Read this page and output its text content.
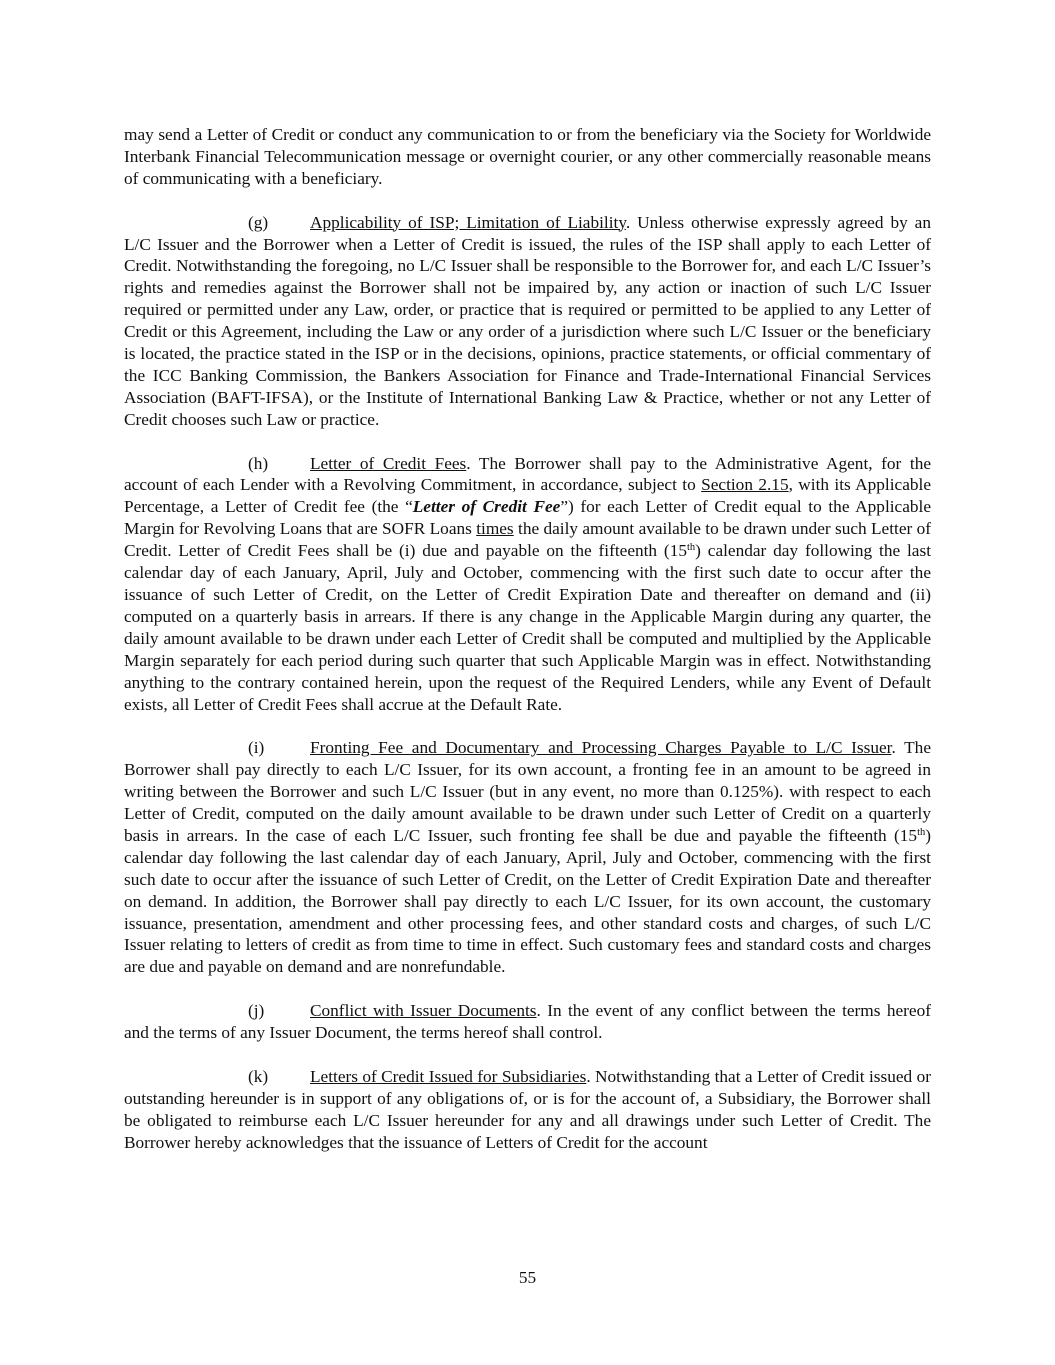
may send a Letter of Credit or conduct any communication to or from the beneficiary via the Society for Worldwide Interbank Financial Telecommunication message or overnight courier, or any other commercially reasonable means of communicating with a beneficiary.

(g) Applicability of ISP; Limitation of Liability. Unless otherwise expressly agreed by an L/C Issuer and the Borrower when a Letter of Credit is issued, the rules of the ISP shall apply to each Letter of Credit. Notwithstanding the foregoing, no L/C Issuer shall be responsible to the Borrower for, and each L/C Issuer’s rights and remedies against the Borrower shall not be impaired by, any action or inaction of such L/C Issuer required or permitted under any Law, order, or practice that is required or permitted to be applied to any Letter of Credit or this Agreement, including the Law or any order of a jurisdiction where such L/C Issuer or the beneficiary is located, the practice stated in the ISP or in the decisions, opinions, practice statements, or official commentary of the ICC Banking Commission, the Bankers Association for Finance and Trade-International Financial Services Association (BAFT-IFSA), or the Institute of International Banking Law & Practice, whether or not any Letter of Credit chooses such Law or practice.

(h) Letter of Credit Fees. The Borrower shall pay to the Administrative Agent, for the account of each Lender with a Revolving Commitment, in accordance, subject to Section 2.15, with its Applicable Percentage, a Letter of Credit fee (the “Letter of Credit Fee”) for each Letter of Credit equal to the Applicable Margin for Revolving Loans that are SOFR Loans times the daily amount available to be drawn under such Letter of Credit. Letter of Credit Fees shall be (i) due and payable on the fifteenth (15th) calendar day following the last calendar day of each January, April, July and October, commencing with the first such date to occur after the issuance of such Letter of Credit, on the Letter of Credit Expiration Date and thereafter on demand and (ii) computed on a quarterly basis in arrears. If there is any change in the Applicable Margin during any quarter, the daily amount available to be drawn under each Letter of Credit shall be computed and multiplied by the Applicable Margin separately for each period during such quarter that such Applicable Margin was in effect. Notwithstanding anything to the contrary contained herein, upon the request of the Required Lenders, while any Event of Default exists, all Letter of Credit Fees shall accrue at the Default Rate.

(i)	Fronting Fee and Documentary and Processing Charges Payable to L/C Issuer. The Borrower shall pay directly to each L/C Issuer, for its own account, a fronting fee in an amount to be agreed in writing between the Borrower and such L/C Issuer (but in any event, no more than 0.125%). with respect to each Letter of Credit, computed on the daily amount available to be drawn under such Letter of Credit on a quarterly basis in arrears. In the case of each L/C Issuer, such fronting fee shall be due and payable the fifteenth (15th) calendar day following the last calendar day of each January, April, July and October, commencing with the first such date to occur after the issuance of such Letter of Credit, on the Letter of Credit Expiration Date and thereafter on demand. In addition, the Borrower shall pay directly to each L/C Issuer, for its own account, the customary issuance, presentation, amendment and other processing fees, and other standard costs and charges, of such L/C Issuer relating to letters of credit as from time to time in effect. Such customary fees and standard costs and charges are due and payable on demand and are nonrefundable.

(j)	Conflict with Issuer Documents. In the event of any conflict between the terms hereof and the terms of any Issuer Document, the terms hereof shall control.

(k) Letters of Credit Issued for Subsidiaries. Notwithstanding that a Letter of Credit issued or outstanding hereunder is in support of any obligations of, or is for the account of, a Subsidiary, the Borrower shall be obligated to reimburse each L/C Issuer hereunder for any and all drawings under such Letter of Credit. The Borrower hereby acknowledges that the issuance of Letters of Credit for the account

55
